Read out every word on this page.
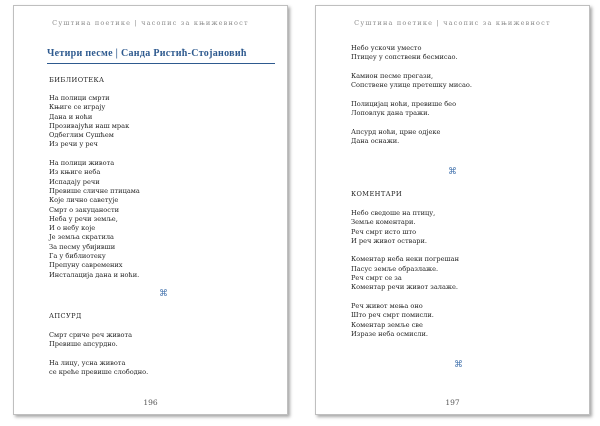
Суштина поетике | часопис за књижевност
Четири песме | Санда Ристић-Стојановић
БИБЛИОТЕКА
На полици смрти
Књиге се играју
Дана и ноћи
Прозивајући наш мрак
Одбеглим Сушћем
Из речи у реч
На полици живота
Из књиге неба
Испадају речи
Превише сличне птицама
Које лично саветује
Смрт о закуцаности
Неба у речи земље,
И о небу које
Је земља скратила
За песму убијивши
Га у библиотеку
Препуну савремених
Инсталација дана и ноћи.
⌘
АПСУРД
Смрт сриче реч живота
Превише апсурдно.
На лицу, усна живота
се креће превише слободно.
196
Суштина поетике | часопис за књижевност
Небо ускочи уместо
Птицеу у сопствени бесмисао.
Камион песме прегази,
Сопствене улице претешку мисао.
Полицијац ноћи, превише бео
Лоповлук дана тражи.
Апсурд ноћи, црне одјеке
Дана оснажи.
⌘
КОМЕНТАРИ
Небо сведоше на птицу,
Земље коментари.
Реч смрт исто што
И реч живот оствари.
Коментар неба неки погрешан
Пасус земље образлаже.
Реч смрт се за
Коментар речи живот залаже.
Реч живот мења оно
Што реч смрт помисли.
Коментар земље све
Изразе неба осмисли.
⌘
197
